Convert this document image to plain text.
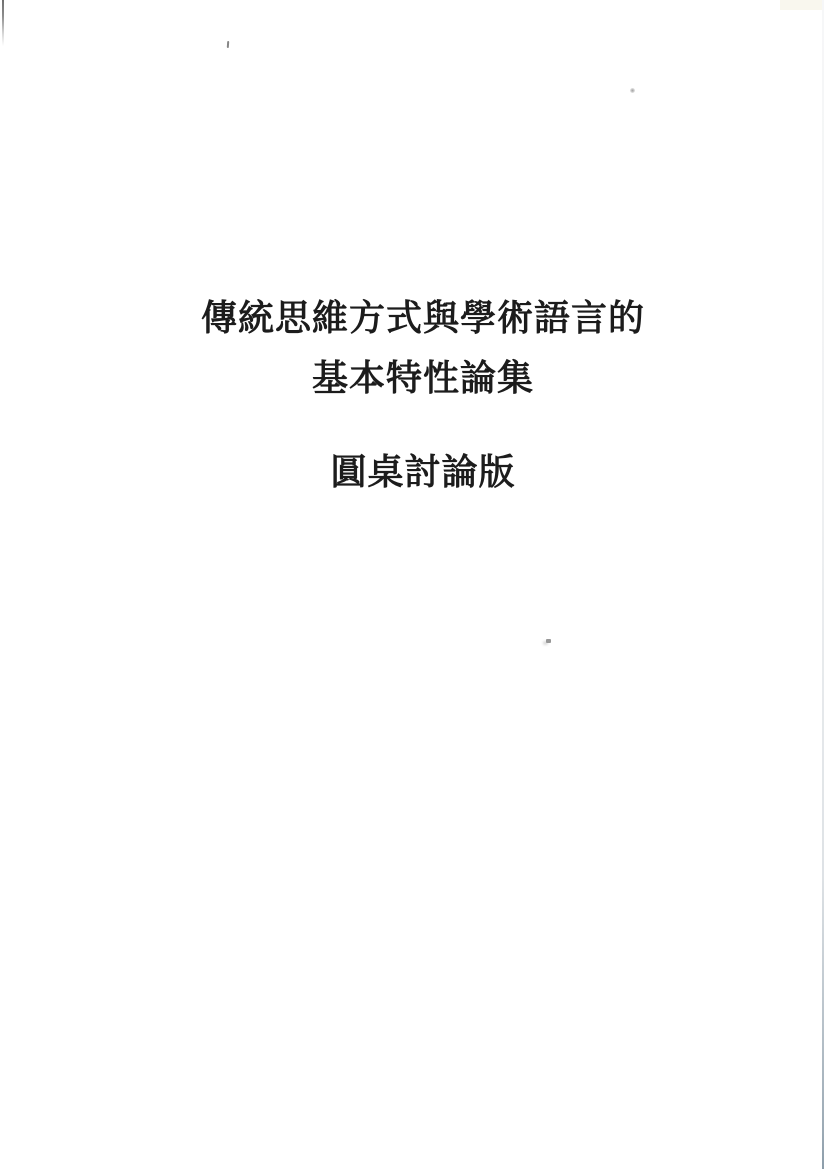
傳統思維方式與學術語言的
基本特性論集
圓桌討論版
